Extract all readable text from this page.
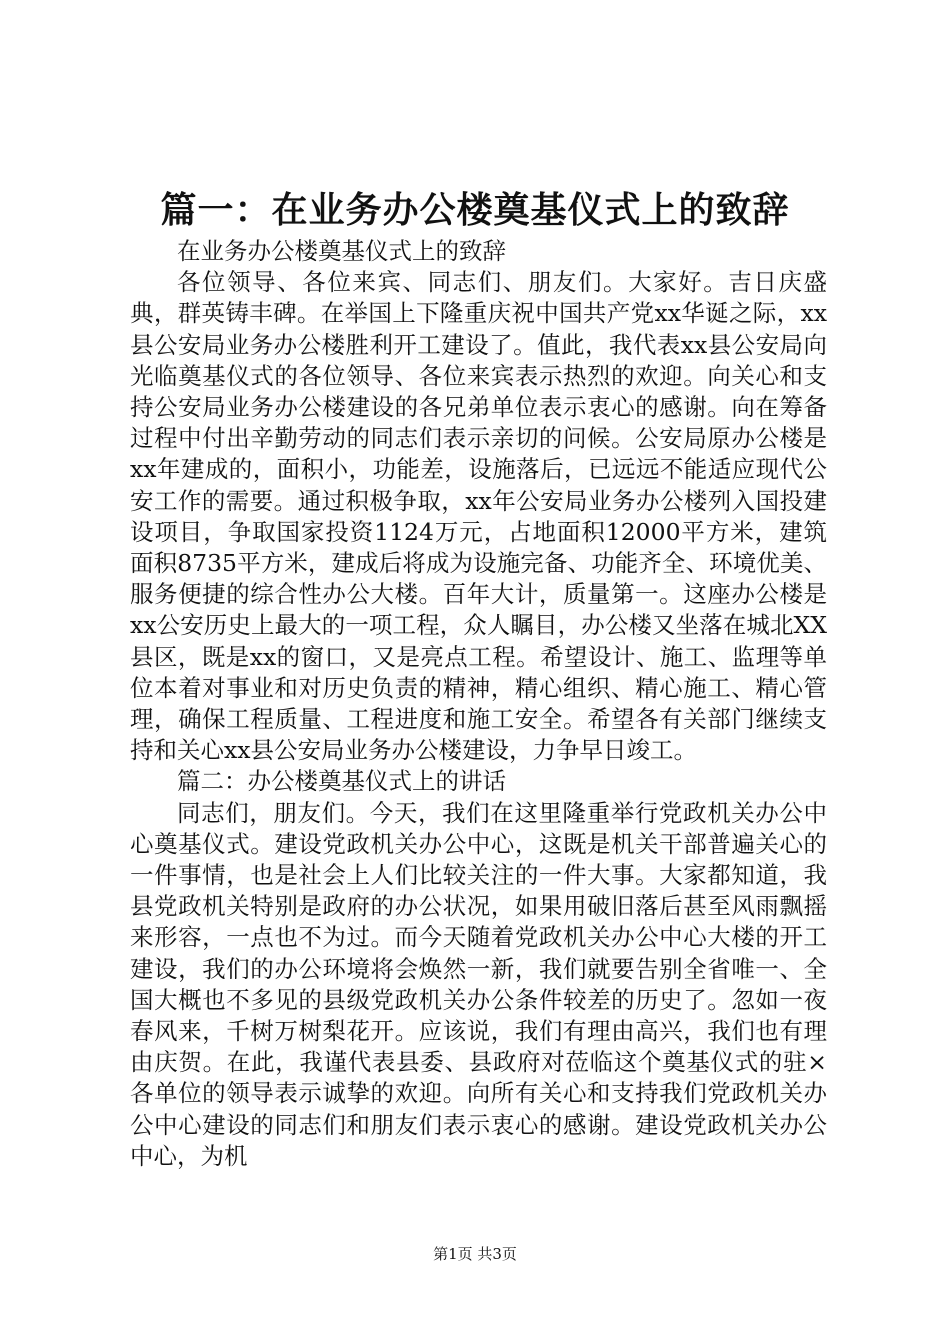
篇一：在业务办公楼奠基仪式上的致辞

在业务办公楼奠基仪式上的致辞

各位领导、各位来宾、同志们、朋友们。大家好。吉日庆盛典，群英铸丰碑。在举国上下隆重庆祝中国共产党xx华诞之际，xx县公安局业务办公楼胜利开工建设了。值此，我代表xx县公安局向光临奠基仪式的各位领导、各位来宾表示热烈的欢迎。向关心和支持公安局业务办公楼建设的各兄弟单位表示衷心的感谢。向在筹备过程中付出辛勤劳动的同志们表示亲切的问候。公安局原办公楼是xx年建成的，面积小，功能差，设施落后，已远远不能适应现代公安工作的需要。通过积极争取，xx年公安局业务办公楼列入国投建设项目，争取国家投资1124万元，占地面积12000平方米，建筑面积8735平方米，建成后将成为设施完备、功能齐全、环境优美、服务便捷的综合性办公大楼。百年大计，质量第一。这座办公楼是xx公安历史上最大的一项工程，众人瞩目，办公楼又坐落在城北XX县区，既是xx的窗口，又是亮点工程。希望设计、施工、监理等单位本着对事业和对历史负责的精神，精心组织、精心施工、精心管理，确保工程质量、工程进度和施工安全。希望各有关部门继续支持和关心xx县公安局业务办公楼建设，力争早日竣工。

篇二：办公楼奠基仪式上的讲话

同志们，朋友们。今天，我们在这里隆重举行党政机关办公中心奠基仪式。建设党政机关办公中心，这既是机关干部普遍关心的一件事情，也是社会上人们比较关注的一件大事。大家都知道，我县党政机关特别是政府的办公状况，如果用破旧落后甚至风雨飘摇来形容，一点也不为过。而今天随着党政机关办公中心大楼的开工建设，我们的办公环境将会焕然一新，我们就要告别全省唯一、全国大概也不多见的县级党政机关办公条件较差的历史了。忽如一夜春风来，千树万树梨花开。应该说，我们有理由高兴，我们也有理由庆贺。在此，我谨代表县委、县政府对莅临这个奠基仪式的驻×各单位的领导表示诚挚的欢迎。向所有关心和支持我们党政机关办公中心建设的同志们和朋友们表示衷心的感谢。建设党政机关办公中心，为机

第1页 共3页
